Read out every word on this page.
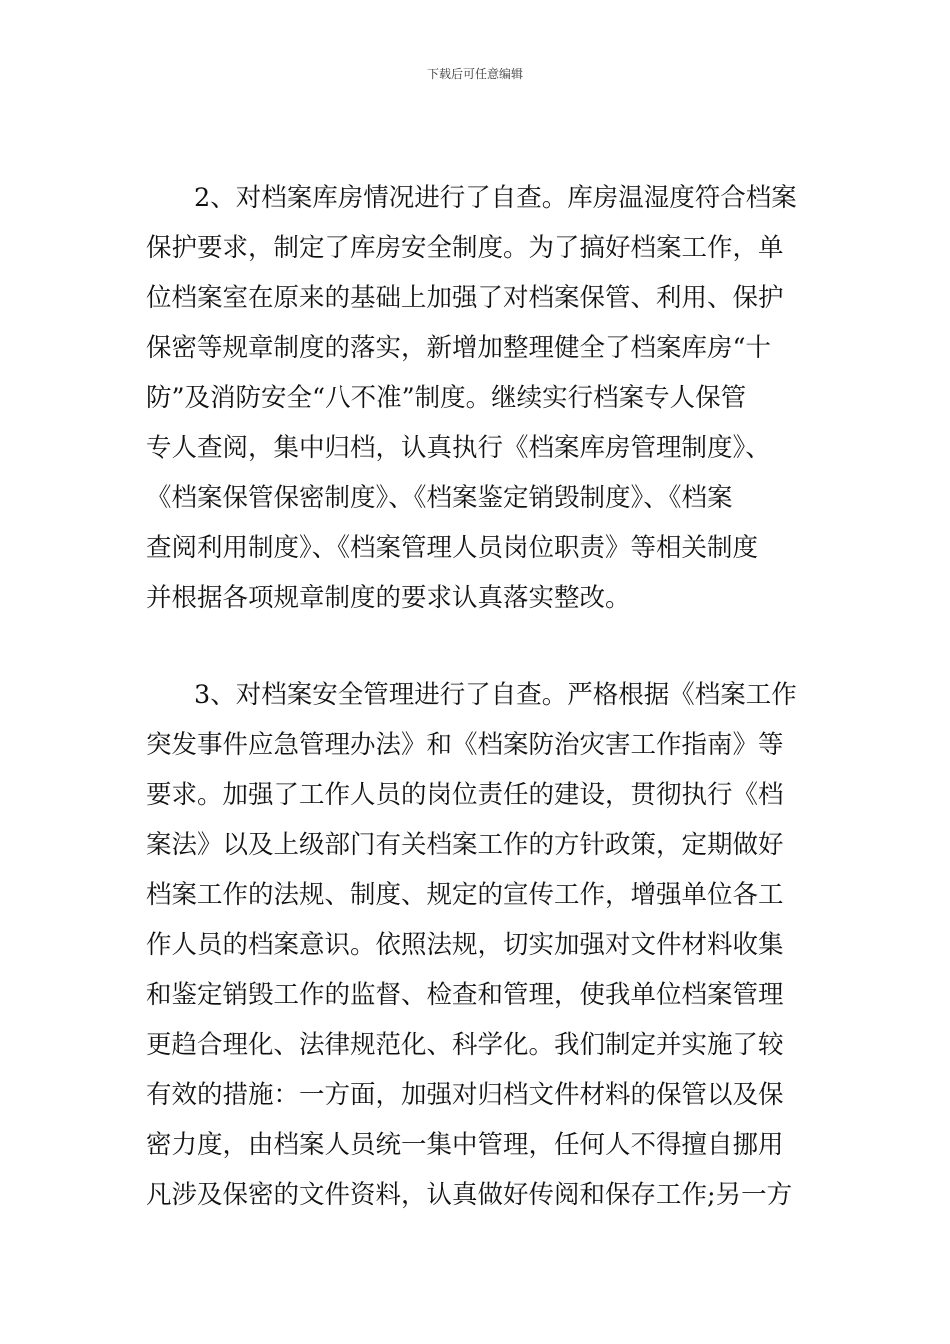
下载后可任意编辑
2、对档案库房情况进行了自查。库房温湿度符合档案
保护要求，制定了库房安全制度。为了搞好档案工作，单
位档案室在原来的基础上加强了对档案保管、利用、保护
保密等规章制度的落实，新增加整理健全了档案库房“十
防”及消防安全“八不准”制度。继续实行档案专人保管
专人查阅，集中归档，认真执行《档案库房管理制度》、
《档案保管保密制度》、《档案鉴定销毁制度》、《档案
查阅利用制度》、《档案管理人员岗位职责》等相关制度
并根据各项规章制度的要求认真落实整改。
3、对档案安全管理进行了自查。严格根据《档案工作
突发事件应急管理办法》和《档案防治灾害工作指南》等
要求。加强了工作人员的岗位责任的建设，贯彻执行《档
案法》以及上级部门有关档案工作的方针政策，定期做好
档案工作的法规、制度、规定的宣传工作，增强单位各工
作人员的档案意识。依照法规，切实加强对文件材料收集
和鉴定销毁工作的监督、检查和管理，使我单位档案管理
更趋合理化、法律规范化、科学化。我们制定并实施了较
有效的措施：一方面，加强对归档文件材料的保管以及保
密力度，由档案人员统一集中管理，任何人不得擅自挪用
凡涉及保密的文件资料，认真做好传阅和保存工作;另一方
